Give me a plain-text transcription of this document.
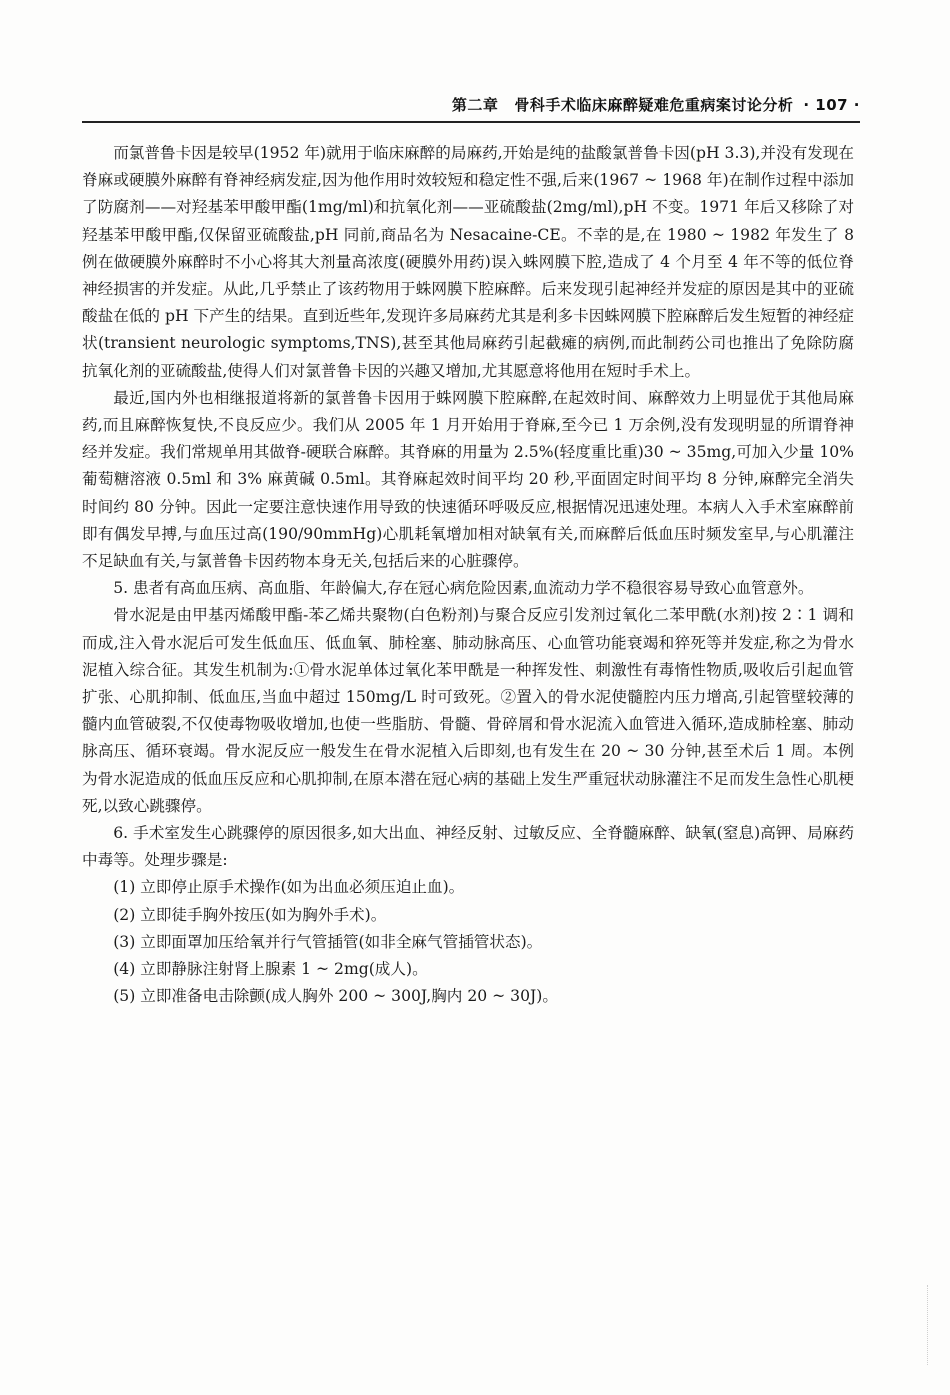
第二章 骨科手术临床麻醉疑难危重病案讨论分析 · 107 ·

而氯普鲁卡因是较早(1952 年)就用于临床麻醉的局麻药,开始是纯的盐酸氯普鲁卡因(pH 3.3),并没有发现在脊麻或硬膜外麻醉有脊神经病发症,因为他作用时效较短和稳定性不强,后来(1967 ~ 1968 年)在制作过程中添加了防腐剂——对羟基苯甲酸甲酯(1mg/ml)和抗氧化剂——亚硫酸盐(2mg/ml),pH 不变。1971 年后又移除了对羟基苯甲酸甲酯,仅保留亚硫酸盐,pH 同前,商品名为 Nesacaine-CE。不幸的是,在 1980 ~ 1982 年发生了 8 例在做硬膜外麻醉时不小心将其大剂量高浓度(硬膜外用药)误入蛛网膜下腔,造成了 4 个月至 4 年不等的低位脊神经损害的并发症。从此,几乎禁止了该药物用于蛛网膜下腔麻醉。后来发现引起神经并发症的原因是其中的亚硫酸盐在低的 pH 下产生的结果。直到近些年,发现许多局麻药尤其是利多卡因蛛网膜下腔麻醉后发生短暂的神经症状(transient neurologic symptoms,TNS),甚至其他局麻药引起截瘫的病例,而此制药公司也推出了免除防腐抗氧化剂的亚硫酸盐,使得人们对氯普鲁卡因的兴趣又增加,尤其愿意将他用在短时手术上。

最近,国内外也相继报道将新的氯普鲁卡因用于蛛网膜下腔麻醉,在起效时间、麻醉效力上明显优于其他局麻药,而且麻醉恢复快,不良反应少。我们从 2005 年 1 月开始用于脊麻,至今已 1 万余例,没有发现明显的所谓脊神经并发症。我们常规单用其做脊-硬联合麻醉。其脊麻的用量为 2.5%(轻度重比重)30 ~ 35mg,可加入少量 10% 葡萄糖溶液 0.5ml 和 3% 麻黄碱 0.5ml。其脊麻起效时间平均 20 秒,平面固定时间平均 8 分钟,麻醉完全消失时间约 80 分钟。因此一定要注意快速作用导致的快速循环呼吸反应,根据情况迅速处理。本病人入手术室麻醉前即有偶发早搏,与血压过高(190/90mmHg)心肌耗氧增加相对缺氧有关,而麻醉后低血压时频发室早,与心肌灌注不足缺血有关,与氯普鲁卡因药物本身无关,包括后来的心脏骤停。

5. 患者有高血压病、高血脂、年龄偏大,存在冠心病危险因素,血流动力学不稳很容易导致心血管意外。

骨水泥是由甲基丙烯酸甲酯-苯乙烯共聚物(白色粉剂)与聚合反应引发剂过氧化二苯甲酰(水剂)按 2∶1 调和而成,注入骨水泥后可发生低血压、低血氧、肺栓塞、肺动脉高压、心血管功能衰竭和猝死等并发症,称之为骨水泥植入综合征。其发生机制为:①骨水泥单体过氧化苯甲酰是一种挥发性、刺激性有毒惰性物质,吸收后引起血管扩张、心肌抑制、低血压,当血中超过 150mg/L 时可致死。②置入的骨水泥使髓腔内压力增高,引起管壁较薄的髓内血管破裂,不仅使毒物吸收增加,也使一些脂肪、骨髓、骨碎屑和骨水泥流入血管进入循环,造成肺栓塞、肺动脉高压、循环衰竭。骨水泥反应一般发生在骨水泥植入后即刻,也有发生在 20 ~ 30 分钟,甚至术后 1 周。本例为骨水泥造成的低血压反应和心肌抑制,在原本潜在冠心病的基础上发生严重冠状动脉灌注不足而发生急性心肌梗死,以致心跳骤停。

6. 手术室发生心跳骤停的原因很多,如大出血、神经反射、过敏反应、全脊髓麻醉、缺氧(窒息)高钾、局麻药中毒等。处理步骤是:

(1) 立即停止原手术操作(如为出血必须压迫止血)。

(2) 立即徒手胸外按压(如为胸外手术)。

(3) 立即面罩加压给氧并行气管插管(如非全麻气管插管状态)。

(4) 立即静脉注射肾上腺素 1 ~ 2mg(成人)。

(5) 立即准备电击除颤(成人胸外 200 ~ 300J,胸内 20 ~ 30J)。
